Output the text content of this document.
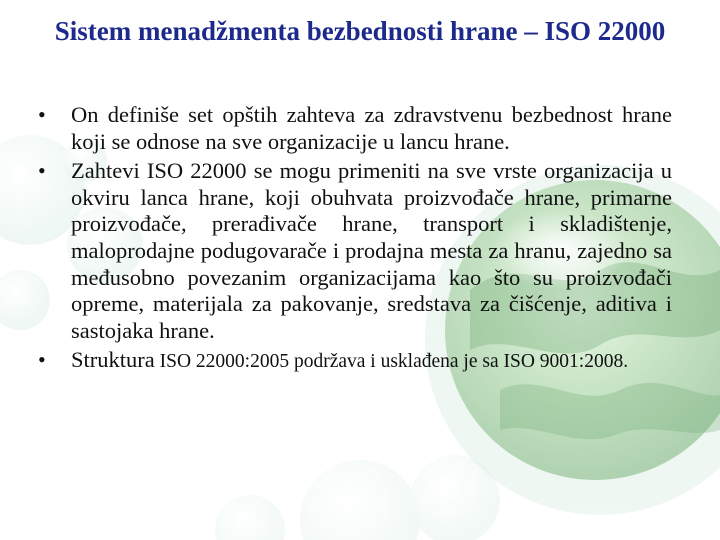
Sistem menadžmenta bezbednosti hrane – ISO 22000
• On definiše set opštih zahteva za zdravstvenu bezbednost hrane koji se odnose na sve organizacije u lancu hrane.
• Zahtevi ISO 22000 se mogu primeniti na sve vrste organizacija u okviru lanca hrane, koji obuhvata proizvođače hrane, primarne proizvođače, prerađivače hrane, transport i skladištenje, maloprodajne podugovarače i prodajna mesta za hranu, zajedno sa međusobno povezanim organizacijama kao što su proizvođači opreme, materijala za pakovanje, sredstava za čišćenje, aditiva i sastojaka hrane.
• Struktura ISO 22000:2005 podržava i usklađena je sa ISO 9001:2008.
